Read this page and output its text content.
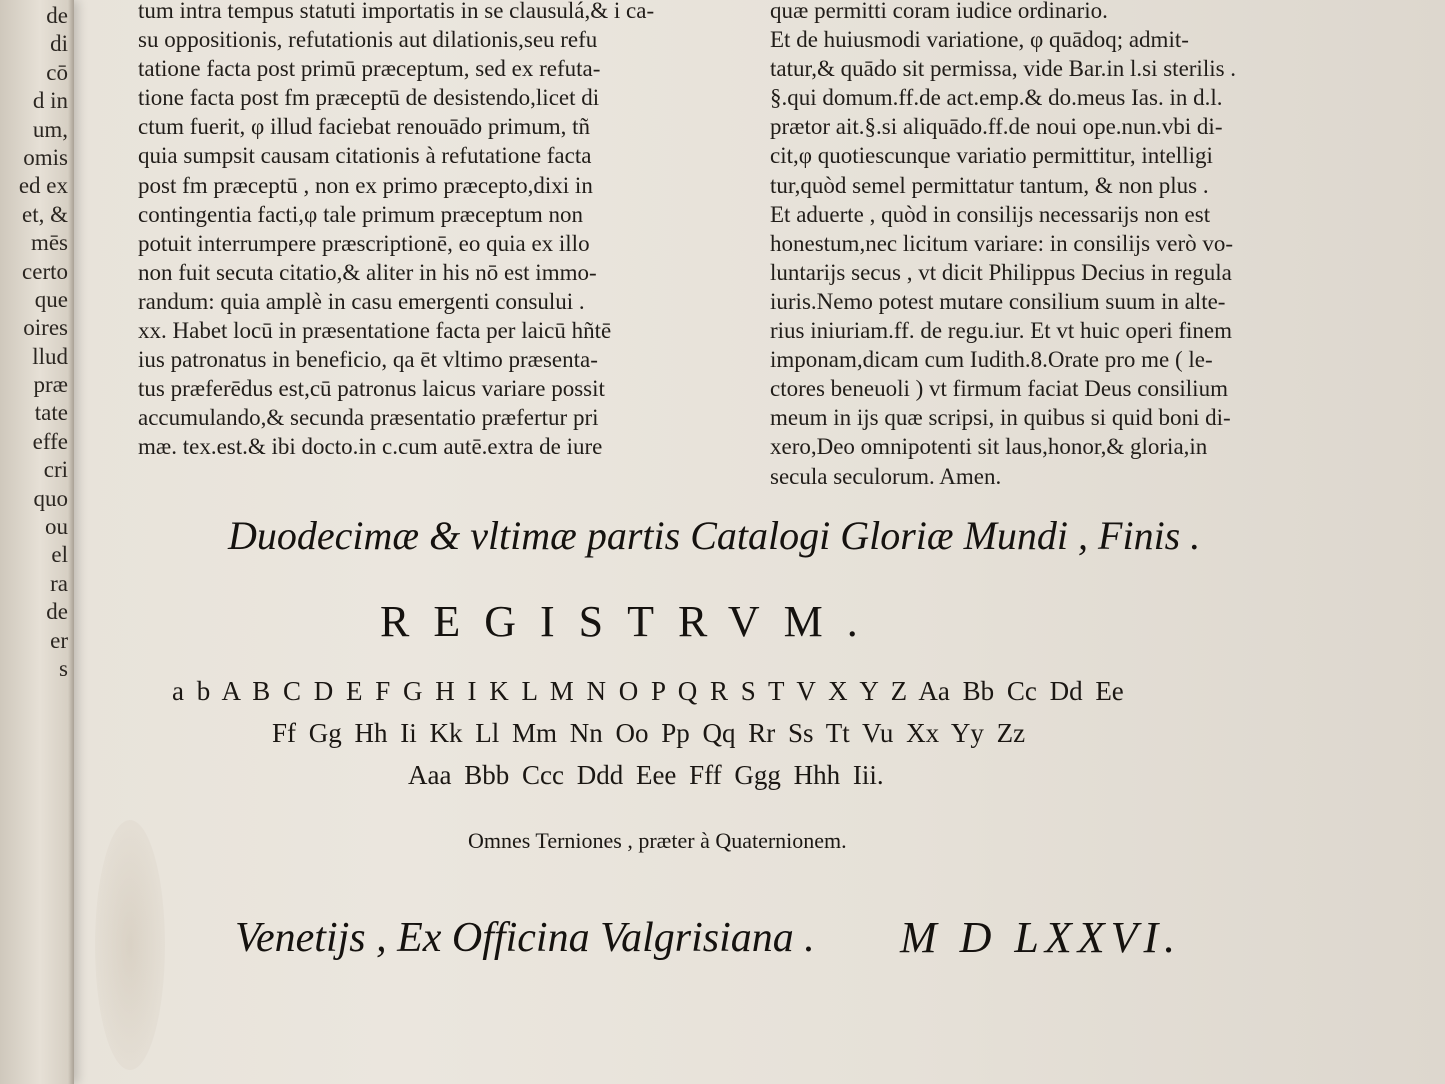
de
di
cō
d in
um,
omis
ed ex
et, &
mēs
certo
que
oires
llud
præ
tate
effe
cri
quo
ou
el
ra
de
er
s
tum intra tempus statuti importatis in se clausulá,& i ca-
su oppositionis, refutationis aut dilationis,seu refu
tatione facta post primū præceptum, sed ex refuta-
tione facta post fm præceptū de desistendo,licet di
ctum fuerit, φ illud faciebat renouādo primum, tñ
quia sumpsit causam citationis à refutatione facta
post fm præceptū , non ex primo præcepto,dixi in
contingentia facti,φ tale primum præceptum non
potuit interrumpere præscriptionē, eo quia ex illo
non fuit secuta citatio,& aliter in his nō est immo-
randum: quia amplè in casu emergenti consului .
xx. Habet locū in præsentatione facta per laicū hñtē
ius patronatus in beneficio, qa ēt vltimo præsenta-
tus præferēdus est,cū patronus laicus variare possit
accumulando,& secunda præsentatio præfertur pri
mæ. tex.est.& ibi docto.in c.cum autē.extra de iure
quæ permitti coram iudice ordinario.
Et de huiusmodi variatione, φ quādoq; admit-
tatur,& quādo sit permissa, vide Bar.in l.si sterilis .
§.qui domum.ff.de act.emp.& do.meus Ias. in d.l.
prætor ait.§.si aliquādo.ff.de noui ope.nun.vbi di-
cit,φ quotiescunque variatio permittitur, intelligi
tur,quòd semel permittatur tantum, & non plus .
Et aduerte , quòd in consilijs necessarijs non est
honestum,nec licitum variare: in consilijs verò vo-
luntarijs secus , vt dicit Philippus Decius in regula
iuris.Nemo potest mutare consilium suum in alte-
rius iniuriam.ff. de regu.iur. Et vt huic operi finem
imponam,dicam cum Iudith.8.Orate pro me ( le-
ctores beneuoli ) vt firmum faciat Deus consilium
meum in ijs quæ scripsi, in quibus si quid boni di-
xero,Deo omnipotenti sit laus,honor,& gloria,in
secula seculorum. Amen.
Duodecimæ & vltimæ partis Catalogi Gloriæ Mundi , Finis .
REGISTRVM.
a b A B C D E F G H I K L M N O P Q R S T V X Y Z Aa Bb Cc Dd Ee
Ff Gg Hh Ii Kk Ll Mm Nn Oo Pp Qq Rr Ss Tt Vu Xx Yy Zz
Aaa Bbb Ccc Ddd Eee Fff Ggg Hhh Iii.
Omnes Terniones , præter à Quaternionem.
Venetijs , Ex Officina Valgrisiana . M D LXXVI.
